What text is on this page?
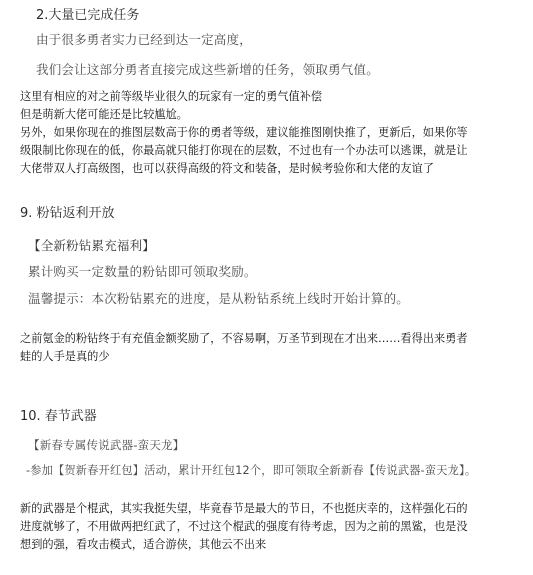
2.大量已完成任务
由于很多勇者实力已经到达一定高度，
我们会让这部分勇者直接完成这些新增的任务，领取勇气值。
这里有相应的对之前等级毕业很久的玩家有一定的勇气值补偿
但是萌新大佬可能还是比较尴尬。
另外，如果你现在的推图层数高于你的勇者等级，建议能推图刚快推了，更新后，如果你等
级限制比你现在的低，你最高就只能打你现在的层数，不过也有一个办法可以逃课，就是让
大佬带双人打高级图，也可以获得高级的符文和装备，是时候考验你和大佬的友谊了
9. 粉钻返利开放
【全新粉钻累充福利】
累计购买一定数量的粉钻即可领取奖励。
温馨提示：本次粉钻累充的进度，是从粉钻系统上线时开始计算的。
之前氪金的粉钻终于有充值金额奖励了，不容易啊，万圣节到现在才出来……看得出来勇者
蛙的人手是真的少
10. 春节武器
【新春专属传说武器-蛮天龙】
-参加【贺新春开红包】活动，累计开红包12个，即可领取全新新春【传说武器-蛮天龙】。
新的武器是个棍武，其实我挺失望，毕竟春节是最大的节日，不也挺庆幸的，这样强化石的
进度就够了，不用做两把红武了，不过这个棍武的强度有待考虑，因为之前的黑鲨，也是没
想到的强，看攻击模式，适合游侠，其他云不出来
